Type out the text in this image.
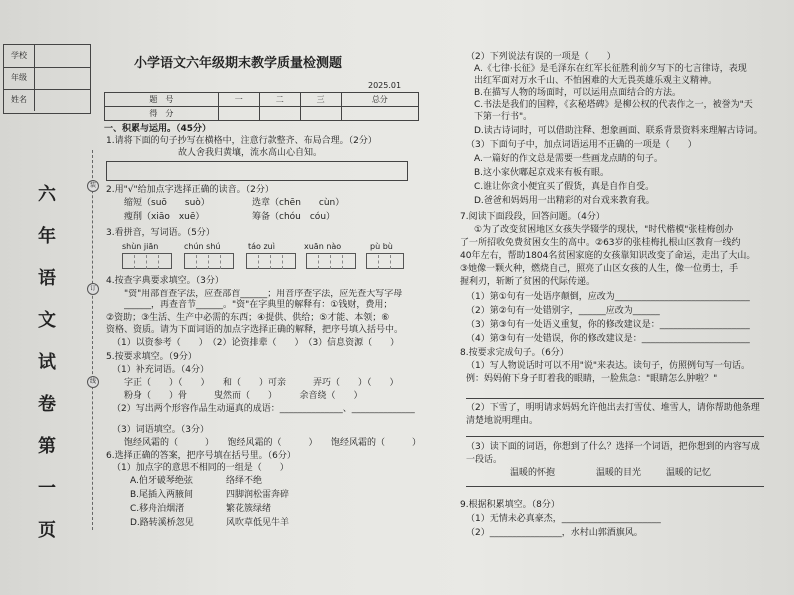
学校
年级
姓名
六
年
语
文
试
卷
第
一
页
装
订
线
小学语文六年级期末教学质量检测题
2025.01
题　号	一	二	三	总分
得　分				
一、积累与运用。（45分）
1.请将下面的句子抄写在横格中，注意行款整齐、布局合理。（2分）
故人舍我归黄壤，流水高山心自知。
2.用"√"给加点字选择正确的读音。（2分）
缩短（suō　　suò）	选章（chēn　　cùn）
瘦削（xiāo　xuē）	筹备（chóu　cóu）
3.看拼音，写词语。（5分）
shùn jiān	chún shú	táo zuì	xuān nào	pù bù
4.按查字典要求填空。（3分）
"资"用部首查字法，应查部首______；用音序查字法，应先查大写字母______，再查音节______。"资"在字典里的解释有：①钱财，费用；
②资助；③生活、生产中必需的东西；④提供、供给；⑤才能、本领；⑥
资格、资质。请为下面词语的加点字选择正确的解释，把序号填入括号中。
（1）以资参考（　　）　（2）论资排辈（　　）　（3）信息资源（　　）
5.按要求填空。（9分）
（1）补充词语。（4分）
字正（　　）（　　）　　和（　　）可亲　　　弄巧（　　）（　　）
粉身（　　）骨　　　叟然而（　　）　　　余音绕（　　）
（2）写出两个形容作品生动逼真的成语：______________、______________
（3）词语填空。（3分）
饱经风霜的（　　　）　　饱经风霜的（　　　）　　饱经风霜的（　　　）
6.选择正确的答案，把序号填在括号里。（6分）
（1）加点字的意思不相同的一组是（　　）
A.伯牙破琴绝弦	络绎不绝
B.尾插入两腋间	四脚润松雷奔碎
C.移舟泊烟渚	繁花簇绿绪
D.路转溪桥忽见	风吹草低见牛羊
（2）下列说法有误的一项是（　　）
A.《七律·长征》是毛泽东在红军长征胜利前夕写下的七言律诗，表现
出红军面对万水千山、不怕困难的大无畏英雄乐观主义精神。
B.在描写人物的场面时，可以运用点面结合的方法。
C.书法是我们的国粹，《玄秘塔碑》是柳公权的代表作之一，被誉为"天
下第一行书"。
D.读古诗词时，可以借助注释、想象画面、联系背景资料来理解古诗词。
（3）下面句子中，加点词语运用不正确的一项是（　　）
A.一篇好的作文总是需要一些画龙点睛的句子。
B.这小家伙嘟起京戏来有板有眼。
C.谁让你贪小便宜买了假货，真是自作自受。
D.爸爸和妈妈用一出精彩的对台戏来教育我。
7.阅读下面段段，回答问题。（4分）
①为了改变贫困地区女孩失学辍学的现状，"时代楷模"张桂梅创办
了一所招收免费贫困女生的高中。②63岁的张桂梅扎根山区教育一线约
40年左右，帮助1804名贫困家庭的女孩靠知识改变了命运，走出了大山。
③她像一颗火种，燃烧自己，照亮了山区女孩的人生，像一位勇士，手
握利刃，斩断了贫困的代际传递。
（1）第①句有一处语序颠倒，应改为______________________________
（2）第②句有一处错别字，______应改为______
（3）第③句有一处语义重复，你的修改建议是：____________________
（4）第③句有一处错误，你的修改建议是：________________________
8.按要求完成句子。（6分）
（1）写人物说话时可以不用"说"来表达。读句子，仿照例句写一句话。
例：妈妈俯下身子盯着我的眼睛，一脸焦急："眼睛怎么肿啦？"
（2）下雪了，明明请求妈妈允许他出去打雪仗、堆雪人，请你帮助他条理
清楚地说明理由。
（3）读下面的词语，你想到了什么？选择一个词语，把你想到的内容写成
一段话。
温暖的怀抱	温暖的目光	温暖的记忆
9.根据积累填空。（8分）
（1）无情未必真豪杰，______________________
（2）________________，水村山郭酒旗风。
